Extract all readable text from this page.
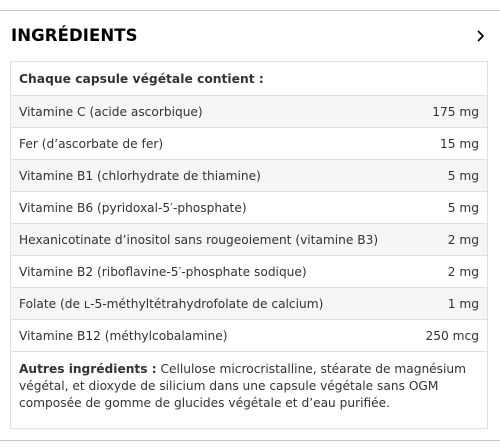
INGRÉDIENTS
Chaque capsule végétale contient :
Vitamine C (acide ascorbique)	175 mg
Fer (d’ascorbate de fer)	15 mg
Vitamine B1 (chlorhydrate de thiamine)	5 mg
Vitamine B6 (pyridoxal-5′-phosphate)	5 mg
Hexanicotinate d’inositol sans rougeoiement (vitamine B3)	2 mg
Vitamine B2 (riboflavine-5′-phosphate sodique)	2 mg
Folate (de ʟ-5-méthyltétrahydrofolate de calcium)	1 mg
Vitamine B12 (méthylcobalamine)	250 mcg
Autres ingrédients : Cellulose microcristalline, stéarate de magnésium végétal, et dioxyde de silicium dans une capsule végétale sans OGM composée de gomme de glucides végétale et d’eau purifiée.
